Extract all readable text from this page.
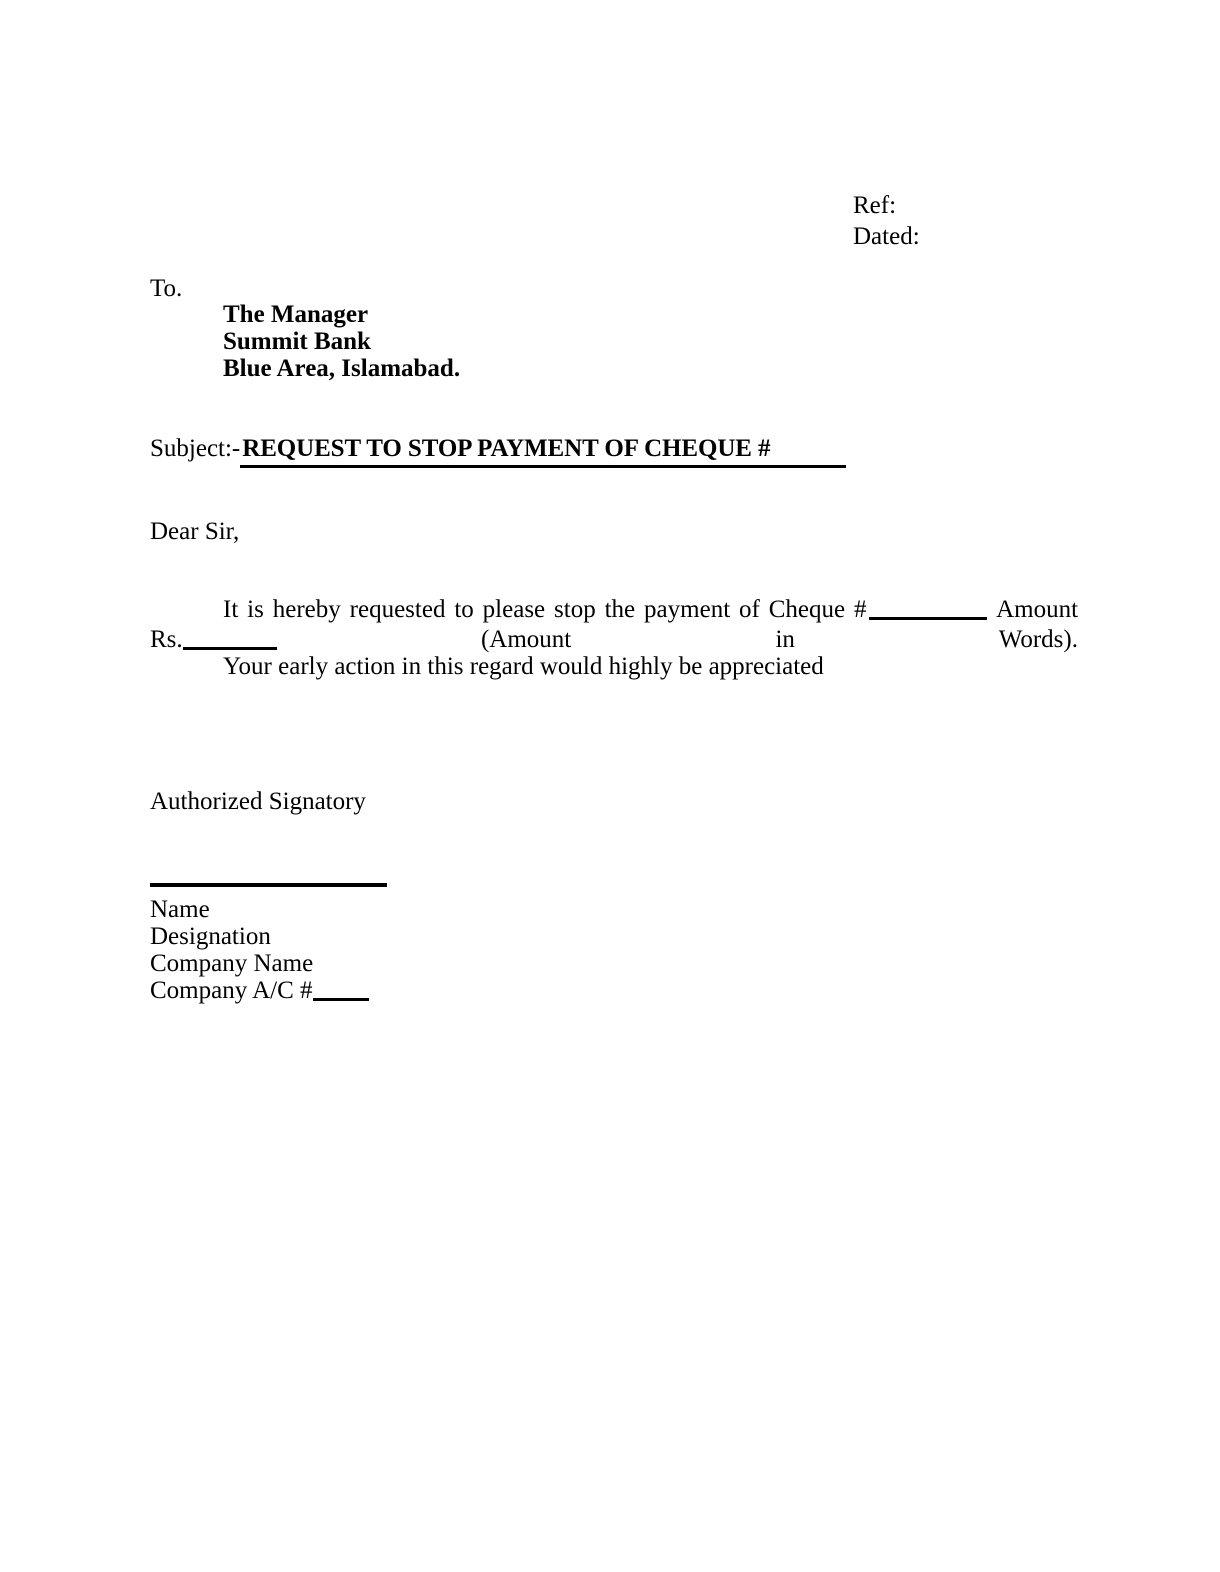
Ref:
Dated:
To.
The Manager
Summit Bank
Blue Area, Islamabad.
Subject:- REQUEST TO STOP PAYMENT OF CHEQUE #
Dear Sir,

It is hereby requested to please stop the payment of Cheque #	Amount Rs.	(Amount in Words).

Your early action in this regard would highly be appreciated
Authorized Signatory
Name
Designation
Company Name
Company A/C #
